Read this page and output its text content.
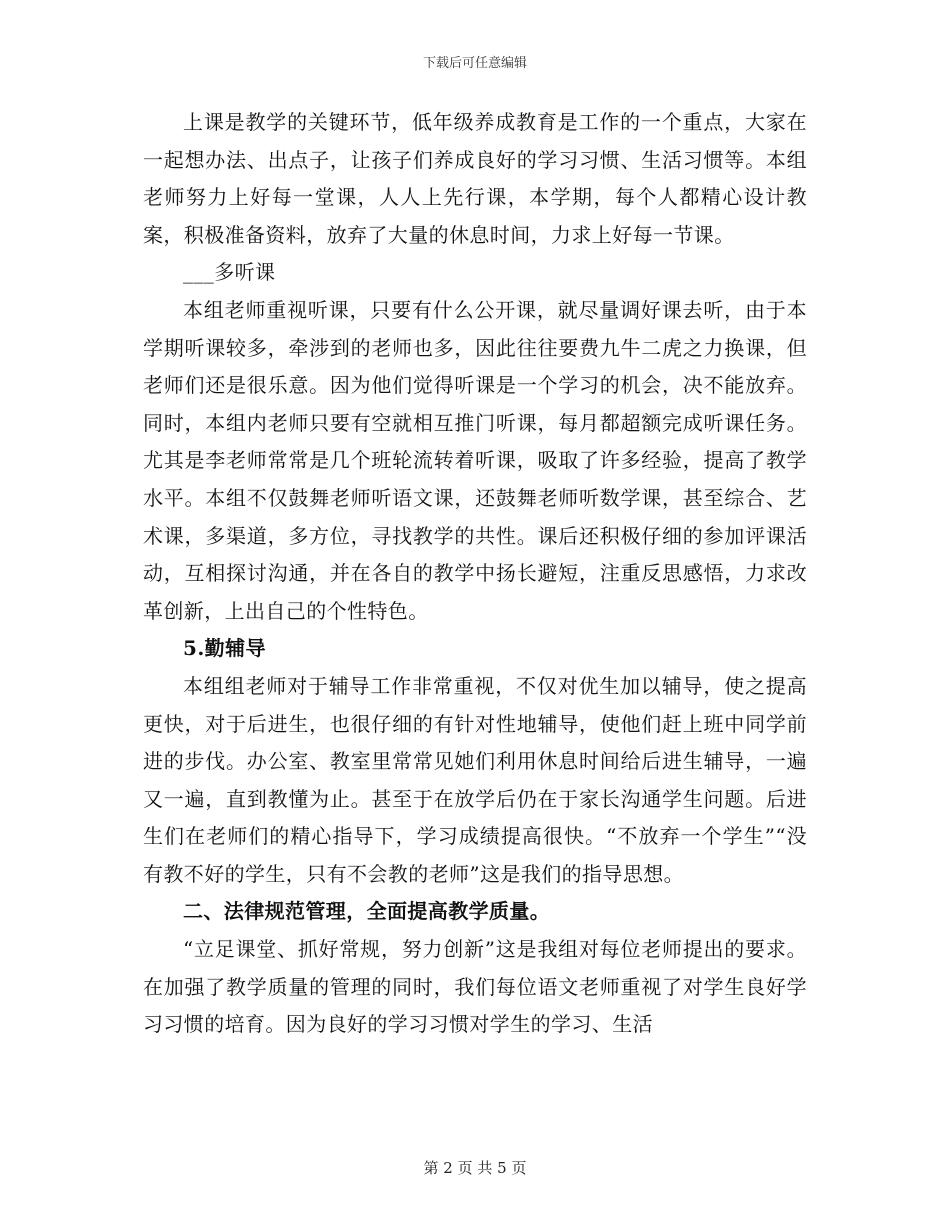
下载后可任意编辑

上课是教学的关键环节，低年级养成教育是工作的一个重点，大家在一起想办法、出点子，让孩子们养成良好的学习习惯、生活习惯等。本组老师努力上好每一堂课，人人上先行课，本学期，每个人都精心设计教案，积极准备资料，放弃了大量的休息时间，力求上好每一节课。

___多听课

本组老师重视听课，只要有什么公开课，就尽量调好课去听，由于本学期听课较多，牵涉到的老师也多，因此往往要费九牛二虎之力换课，但老师们还是很乐意。因为他们觉得听课是一个学习的机会，决不能放弃。同时，本组内老师只要有空就相互推门听课，每月都超额完成听课任务。尤其是李老师常常是几个班轮流转着听课，吸取了许多经验，提高了教学水平。本组不仅鼓舞老师听语文课，还鼓舞老师听数学课，甚至综合、艺术课，多渠道，多方位，寻找教学的共性。课后还积极仔细的参加评课活动，互相探讨沟通，并在各自的教学中扬长避短，注重反思感悟，力求改革创新，上出自己的个性特色。

5.勤辅导

本组组老师对于辅导工作非常重视，不仅对优生加以辅导，使之提高更快，对于后进生，也很仔细的有针对性地辅导，使他们赶上班中同学前进的步伐。办公室、教室里常常见她们利用休息时间给后进生辅导，一遍又一遍，直到教懂为止。甚至于在放学后仍在于家长沟通学生问题。后进生们在老师们的精心指导下，学习成绩提高很快。“不放弃一个学生”“没有教不好的学生，只有不会教的老师”这是我们的指导思想。

二、法律规范管理，全面提高教学质量。

“立足课堂、抓好常规，努力创新”这是我组对每位老师提出的要求。在加强了教学质量的管理的同时，我们每位语文老师重视了对学生良好学习习惯的培育。因为良好的学习习惯对学生的学习、生活

第 2 页 共 5 页
